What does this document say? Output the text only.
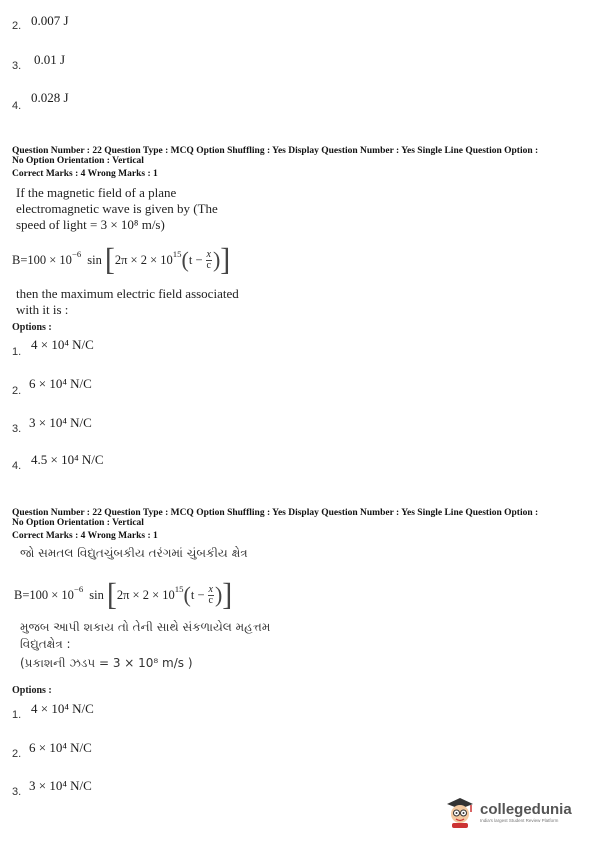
2. 0.007 J
3. 0.01 J
4.
0.028 J
Question Number : 22 Question Type : MCQ Option Shuffling : Yes Display Question Number : Yes Single Line Question Option :
No Option Orientation : Vertical
Correct Marks : 4 Wrong Marks : 1
If the magnetic field of a plane
electromagnetic wave is given by (The
speed of light = 3 × 10⁸ m/s)
$B=100 \times 10^{-6}$ sin [ $2\pi \times 2 \times 10^{15}$ ( $t - \frac{x}{c}$ ) ]
then the maximum electric field associated
with it is :
Options :
1. 4 × 10⁴ N/C
2. 6 × 10⁴ N/C
3. 3 × 10⁴ N/C
4. 4.5 × 10⁴ N/C
Question Number : 22 Question Type : MCQ Option Shuffling : Yes Display Question Number : Yes Single Line Question Option :
No Option Orientation : Vertical
Correct Marks : 4 Wrong Marks : 1
જો સમતલ વિદ્યુતચુંબકીય તરંગમાં ચુંબકીય ક્ષેત્ર
$B=100 \times 10^{-6}$ sin [ $2\pi \times 2 \times 10^{15}$ ( $t - \frac{x}{c}$ ) ]
મુજબ આપી શકાય તો તેની સાથે સંકળાયેલ મહત્તમ
વિદ્યુતક્ષેત્ર :
(પ્રકાશની ઝડપ = 3 × 10⁸ m/s )
Options :
1. 4 × 10⁴ N/C
2. 6 × 10⁴ N/C
3. 3 × 10⁴ N/C
collegedunia
India's largest Student Review Platform
